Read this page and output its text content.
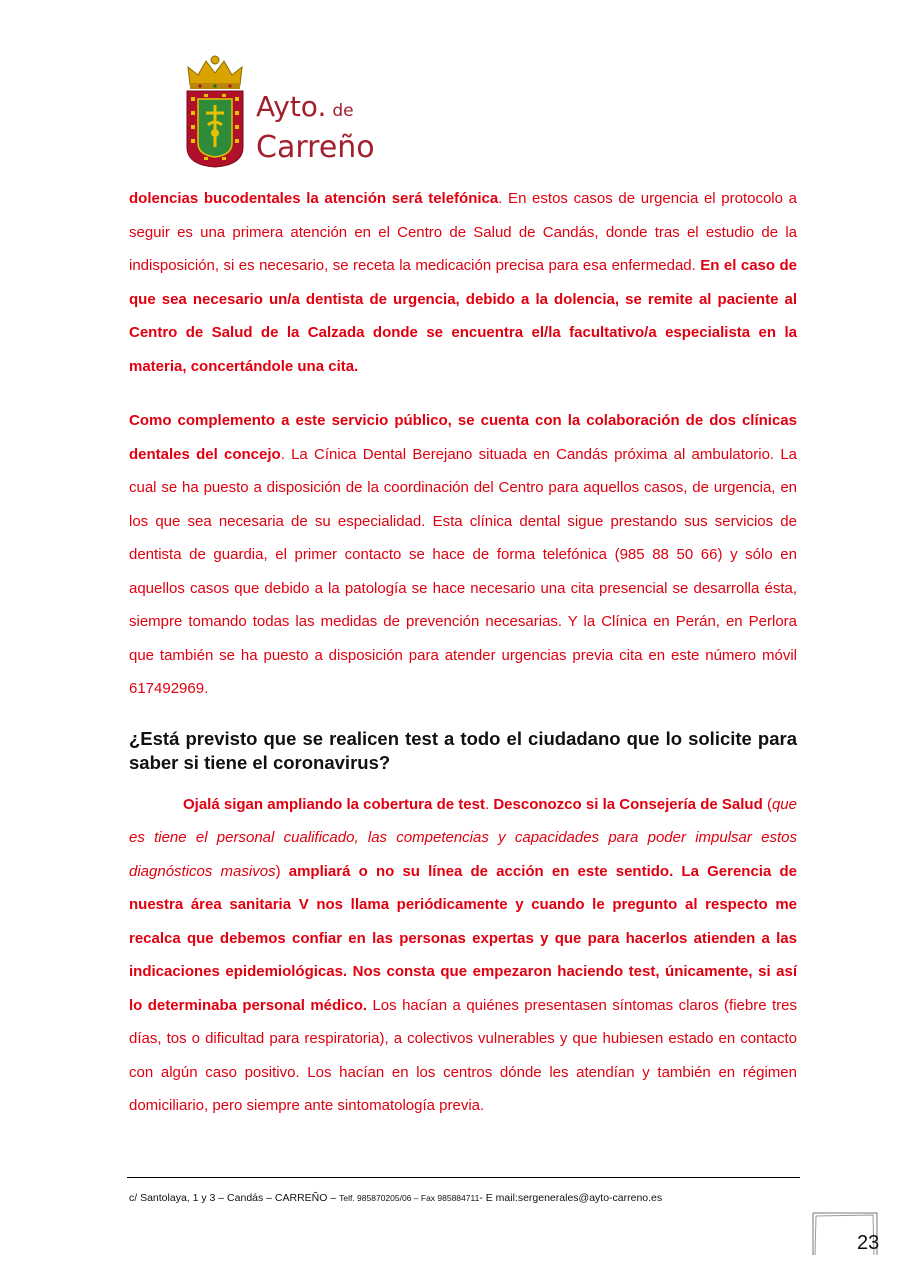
Ayto. de
Carreño

dolencias bucodentales la atención será telefónica. En estos casos de urgencia el protocolo a seguir es una primera atención en el Centro de Salud de Candás, donde tras el estudio de la indisposición, si es necesario, se receta la medicación precisa para esa enfermedad. En el caso de que sea necesario un/a dentista de urgencia, debido a la dolencia, se remite al paciente al Centro de Salud de la Calzada donde se encuentra el/la facultativo/a especialista en la materia, concertándole una cita.

Como complemento a este servicio público, se cuenta con la colaboración de dos clínicas dentales del concejo. La Cínica Dental Berejano situada en Candás próxima al ambulatorio. La cual se ha puesto a disposición de la coordinación del Centro para aquellos casos, de urgencia, en los que sea necesaria de su especialidad. Esta clínica dental sigue prestando sus servicios de dentista de guardia, el primer contacto se hace de forma telefónica (985 88 50 66) y sólo en aquellos casos que debido a la patología se hace necesario una cita presencial se desarrolla ésta, siempre tomando todas las medidas de prevención necesarias. Y la Clínica en Perán, en Perlora que también se ha puesto a disposición para atender urgencias previa cita en este número móvil 617492969.

¿Está previsto que se realicen test a todo el ciudadano que lo solicite para saber si tiene el coronavirus?

Ojalá sigan ampliando la cobertura de test. Desconozco si la Consejería de Salud (que es tiene el personal cualificado, las competencias y capacidades para poder impulsar estos diagnósticos masivos) ampliará o no su línea de acción en este sentido. La Gerencia de nuestra área sanitaria V nos llama periódicamente y cuando le pregunto al respecto me recalca que debemos confiar en las personas expertas y que para hacerlos atienden a las indicaciones epidemiológicas. Nos consta que empezaron haciendo test, únicamente, si así lo determinaba personal médico. Los hacían a quiénes presentasen síntomas claros (fiebre tres días, tos o dificultad para respiratoria), a colectivos vulnerables y que hubiesen estado en contacto con algún caso positivo. Los hacían en los centros dónde les atendían y también en régimen domiciliario, pero siempre ante sintomatología previa.

c/ Santolaya, 1 y 3 – Candás – CARREÑO – Telf. 985870205/06 – Fax 985884711- E mail:sergenerales@ayto-carreno.es
23
